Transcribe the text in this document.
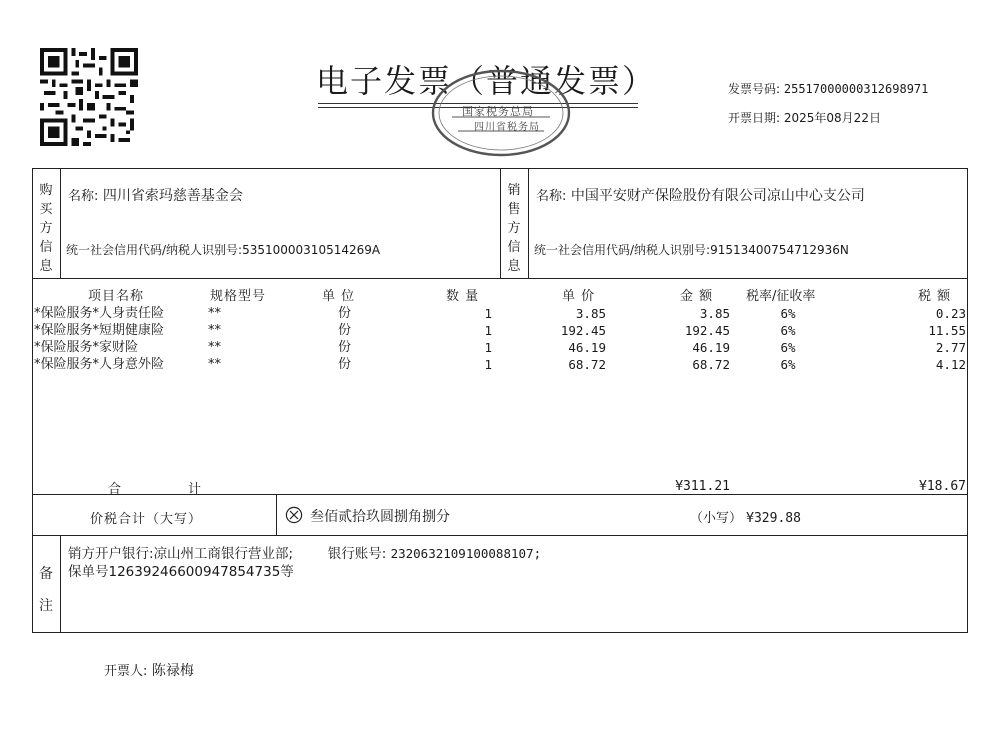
电子发票（普通发票）
国家税务总局
四川省税务局
发票号码: 25517000000312698971
开票日期: 2025年08月22日
购
买
方
信
息
名称: 四川省索玛慈善基金会
统一社会信用代码/纳税人识别号:53510000310514269A
销
售
方
信
息
名称: 中国平安财产保险股份有限公司凉山中心支公司
统一社会信用代码/纳税人识别号:91513400754712936N
项目名称	规格型号	单 位	数 量	单 价	金 额	税率/征收率	税 额
*保险服务*人身责任险	**	份	1	3.85	3.85	6%	0.23
*保险服务*短期健康险	**	份	1	192.45	192.45	6%	11.55
*保险服务*家财险	**	份	1	46.19	46.19	6%	2.77
*保险服务*人身意外险	**	份	1	68.72	68.72	6%	4.12
合	计	¥311.21	¥18.67
价税合计（大写）	叁佰贰拾玖圆捌角捌分	（小写） ¥329.88
备
注
销方开户银行:凉山州工商银行营业部;	银行账号: 2320632109100088107;
保单号12639246600947854735等
开票人: 陈禄梅
